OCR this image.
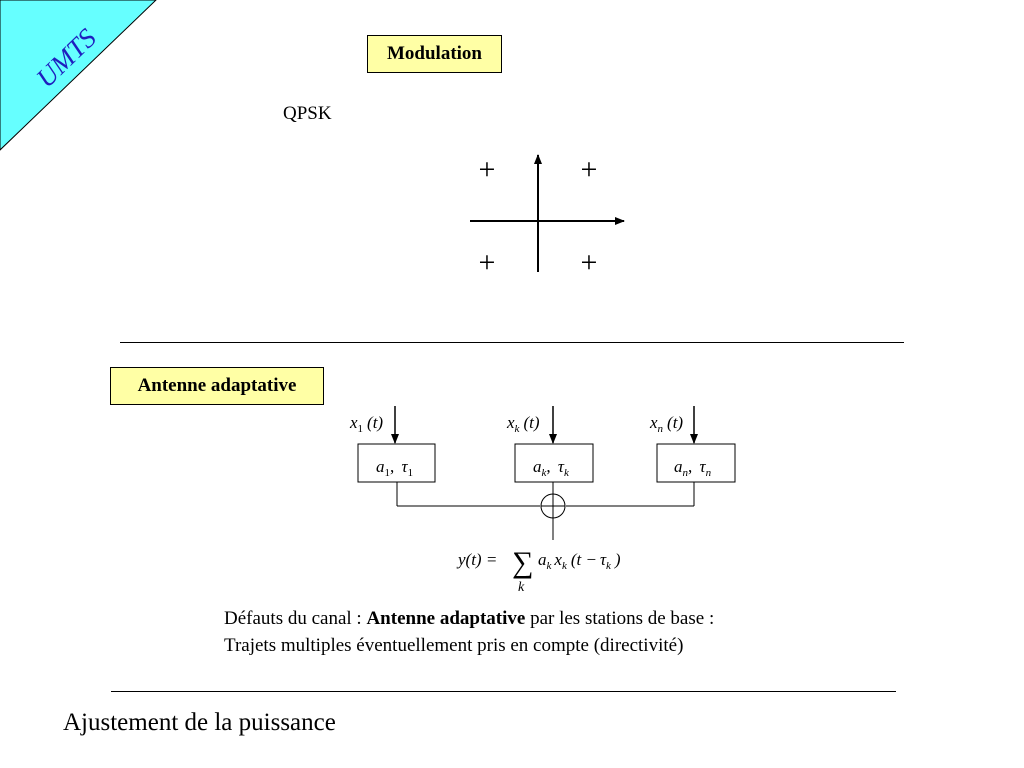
UMTS	Modulation
QPSK
+	+
+	+
$x_1$ (t)
$a_1$, $\tau_1$
$x_k$ (t)
$a_k$, $\tau_k$
$x_n$ (t)
$a_n$, $\tau_n$
y(t) = ∑
k
$a_k$ $x_k$ ($t - \tau_k$ )
Antenne adaptative
Défauts du canal : Antenne adaptative par les stations de base :
Trajets multiples éventuellement pris en compte (directivité)
Ajustement de la puissance
